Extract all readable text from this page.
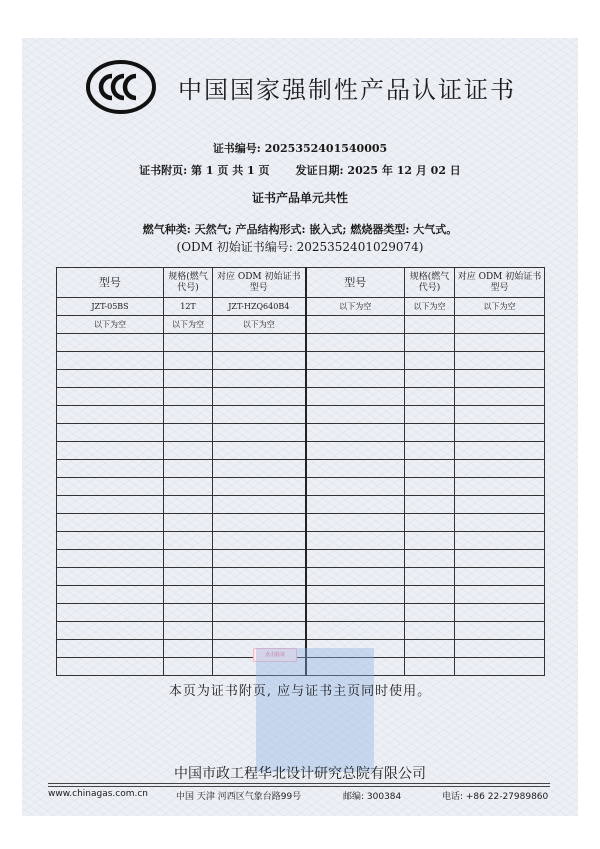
中国国家强制性产品认证证书
证书编号: 2025352401540005
证书附页: 第 1 页 共 1 页 发证日期: 2025 年 12 月 02 日
证书产品单元共性
燃气种类: 天然气; 产品结构形式: 嵌入式; 燃烧器类型: 大气式。
(ODM 初始证书编号: 2025352401029074)
型号	规格(燃气代号)	对应 ODM 初始证书型号	型号	规格(燃气代号)	对应 ODM 初始证书型号
JZT-05BS	12T	JZT-HZQ640B4	以下为空	以下为空	以下为空
以下为空	以下为空	以下为空			

点击验证
本页为证书附页, 应与证书主页同时使用。
中国市政工程华北设计研究总院有限公司
www.chinagas.com.cn	中国 天津 河西区气象台路99号	邮编: 300384	电话: +86 22-27989860
